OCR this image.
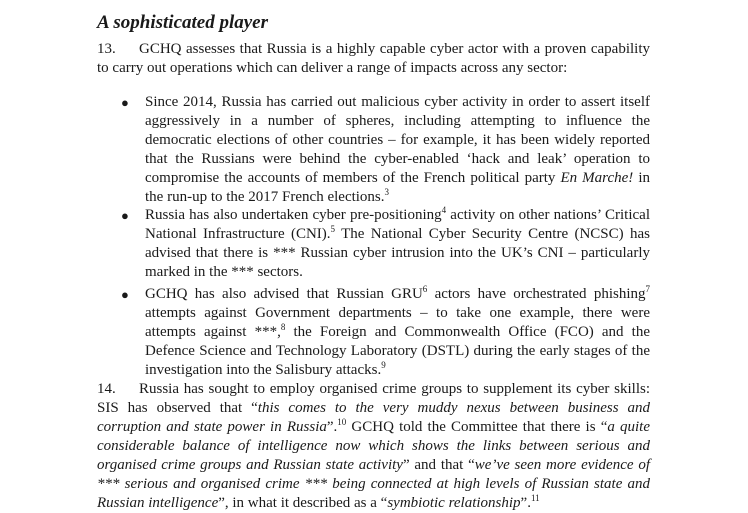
A sophisticated player

13. GCHQ assesses that Russia is a highly capable cyber actor with a proven capability to carry out operations which can deliver a range of impacts across any sector:

● Since 2014, Russia has carried out malicious cyber activity in order to assert itself aggressively in a number of spheres, including attempting to influence the democratic elections of other countries – for example, it has been widely reported that the Russians were behind the cyber-enabled ‘hack and leak’ operation to compromise the accounts of members of the French political party En Marche! in the run-up to the 2017 French elections.$^3$
● Russia has also undertaken cyber pre-positioning$^4$ activity on other nations’ Critical National Infrastructure (CNI).$^5$ The National Cyber Security Centre (NCSC) has advised that there is *** Russian cyber intrusion into the UK’s CNI – particularly marked in the *** sectors.
● GCHQ has also advised that Russian GRU$^6$ actors have orchestrated phishing$^7$ attempts against Government departments – to take one example, there were attempts against ***,$^8$ the Foreign and Commonwealth Office (FCO) and the Defence Science and Technology Laboratory (DSTL) during the early stages of the investigation into the Salisbury attacks.$^9$

14. Russia has sought to employ organised crime groups to supplement its cyber skills: SIS has observed that “this comes to the very muddy nexus between business and corruption and state power in Russia”.$^{10}$ GCHQ told the Committee that there is “a quite considerable balance of intelligence now which shows the links between serious and organised crime groups and Russian state activity” and that “we’ve seen more evidence of *** serious and organised crime *** being connected at high levels of Russian state and Russian intelligence”, in what it described as a “symbiotic relationship”.$^{11}$
